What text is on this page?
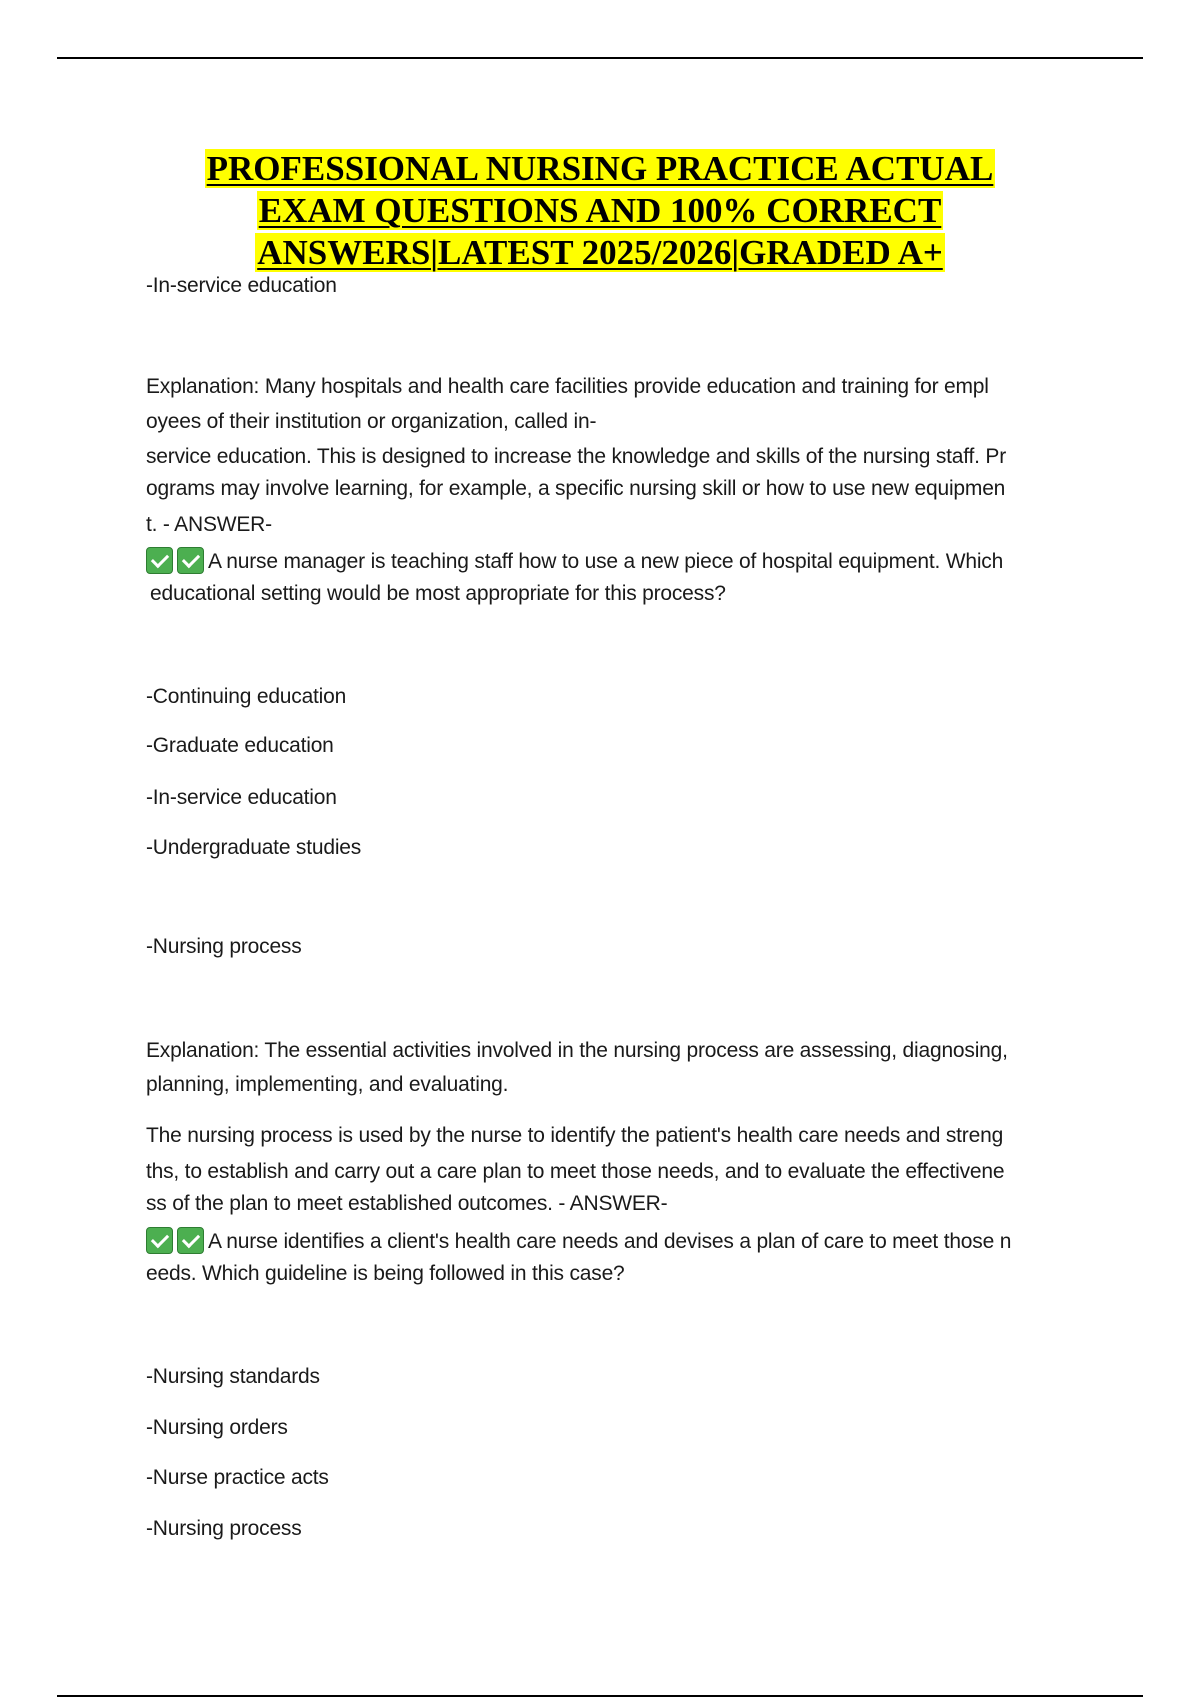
PROFESSIONAL NURSING PRACTICE ACTUAL
EXAM QUESTIONS AND 100% CORRECT
ANSWERS|LATEST 2025/2026|GRADED A+
-In-service education
Explanation: Many hospitals and health care facilities provide education and training for empl
oyees of their institution or organization, called in-
service education. This is designed to increase the knowledge and skills of the nursing staff. Pr
ograms may involve learning, for example, a specific nursing skill or how to use new equipmen
t. - ANSWER-
A nurse manager is teaching staff how to use a new piece of hospital equipment. Which
educational setting would be most appropriate for this process?
-Continuing education
-Graduate education
-In-service education
-Undergraduate studies
-Nursing process
Explanation: The essential activities involved in the nursing process are assessing, diagnosing,
planning, implementing, and evaluating.
The nursing process is used by the nurse to identify the patient's health care needs and streng
ths, to establish and carry out a care plan to meet those needs, and to evaluate the effectivene
ss of the plan to meet established outcomes. - ANSWER-
A nurse identifies a client's health care needs and devises a plan of care to meet those n
eeds. Which guideline is being followed in this case?
-Nursing standards
-Nursing orders
-Nurse practice acts
-Nursing process
